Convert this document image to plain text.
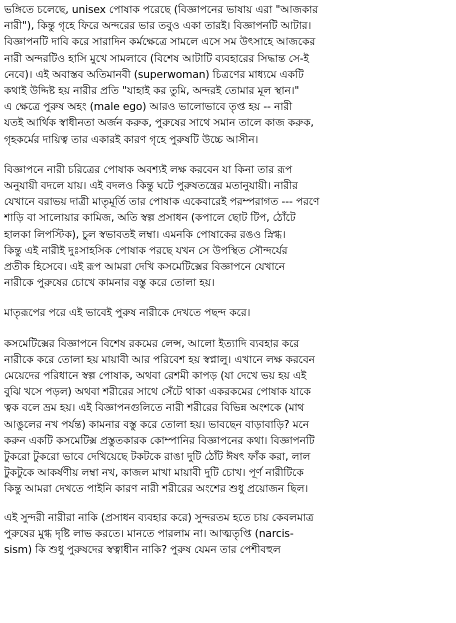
ভঙ্গিতে চলেছে, unisex পোষাক পরেছে (বিজ্ঞাপনের ভাষায় এরা "আজকার
নারী"), কিন্তু গৃহে ফিরে অন্দরের ভার তবুও একা তারই। বিজ্ঞাপনটি আটার।
বিজ্ঞাপনটি দাবি করে সারাদিন কর্মক্ষেত্রে সামলে এসে সম উৎসাহে আজকের
নারী অন্দরটিও হাসি মুখে সামলাবে (বিশেষ আটাটি ব্যবহারের সিদ্ধান্ত সে-ই
নেবে)। এই অবাস্তব অতিমানবী (superwoman) চিত্রণের মাধ্যমে একটি
কথাই উদ্দিষ্ট হয় নারীর প্রতি "যাহাই কর তুমি, অন্দরই তোমার মূল স্থান।"
এ ক্ষেত্রে পুরুষ অহং (male ego) আরও ভালোভাবে তৃপ্ত হয় -- নারী
যতই আর্থিক স্বাধীনতা অর্জন করুক, পুরুষের সাথে সমান তালে কাজ করুক,
গৃহকর্মের দায়িত্ব তার একারই কারণ গৃহে পুরুষটি উচ্চে আসীন।
বিজ্ঞাপনে নারী চরিত্রের পোষাক অবশ্যই লক্ষ করবেন যা কিনা তার রূপ
অনুযায়ী বদলে যায়। এই বদলও কিন্তু ঘটে পুরুষতন্ত্রের মতানুযায়ী। নারীর
যেখানে বরাভয় দাত্রী মাতৃমূর্তি তার পোষাক একেবারেই পরম্পরাগত --- পরণে
শাড়ি বা সালোয়ার কামিজ, অতি স্বল্প প্রসাধন (কপালে ছোট টিপ, ঠোঁটে
হালকা লিপস্টিক), চুল স্বভাবতই লম্বা। এমনকি পোষাকের রঙও স্নিগ্ধ।
কিন্তু এই নারীই দুঃসাহসিক পোষাক পরছে যখন সে উপস্থিত সৌন্দর্যের
প্রতীক হিসেবে। এই রূপ আমরা দেখি কসমেটিক্সের বিজ্ঞাপনে যেখানে
নারীকে পুরুষের চোখে কামনার বস্তু করে তোলা হয়।
মাতৃরূপের পরে এই ভাবেই পুরুষ নারীকে দেখতে পছন্দ করে।
কসমেটিক্সের বিজ্ঞাপনে বিশেষ রকমের লেন্স, আলো ইত্যাদি ব্যবহার করে
নারীকে করে তোলা হয় মায়াবী আর পরিবেশ হয় স্বপ্নালু। এখানে লক্ষ করবেন
মেয়েদের পরিধানে স্বল্প পোষাক, অথবা রেশমী কাপড় (যা দেখে ভয় হয় এই
বুঝি খসে পড়ল) অথবা শরীরের সাথে সেঁটে থাকা একরকমের পোষাক যাকে
ত্বক বলে ভ্রম হয়। এই বিজ্ঞাপনগুলিতে নারী শরীরের বিভিন্ন অংশকে (মাথ
আঙুলের নখ পর্যন্ত) কামনার বস্তু করে তোলা হয়। ভাবছেন বাড়াবাড়ি? মনে
করুন একটি কসমেটিক্স প্রস্তুতকারক কোম্পানির বিজ্ঞাপনের কথা। বিজ্ঞাপনটি
টুকরো টুকরো ভাবে দেখিয়েছে টকটকে রাঙা দুটি ঠোঁট ঈষৎ ফাঁক করা, লাল
টুকটুকে আকর্ষণীয় লম্বা নখ, কাজল মাখা মায়াবী দুটি চোখ। পূর্ণ নারীটিকে
কিন্তু আমরা দেখতে পাইনি কারণ নারী শরীরের অংশের শুধু প্রয়োজন ছিল।
এই সুন্দরী নারীরা নাকি (প্রসাধন ব্যবহার করে) সুন্দরতম হতে চায় কেবলমাত্র
পুরুষের মুগ্ধ দৃষ্টি লাভ করতে। মানতে পারলাম না। আত্মতৃপ্তি (narcis-
sism) কি শুধু পুরুষদের স্বত্বাধীন নাকি? পুরুষ যেমন তার পেশীবহুল
